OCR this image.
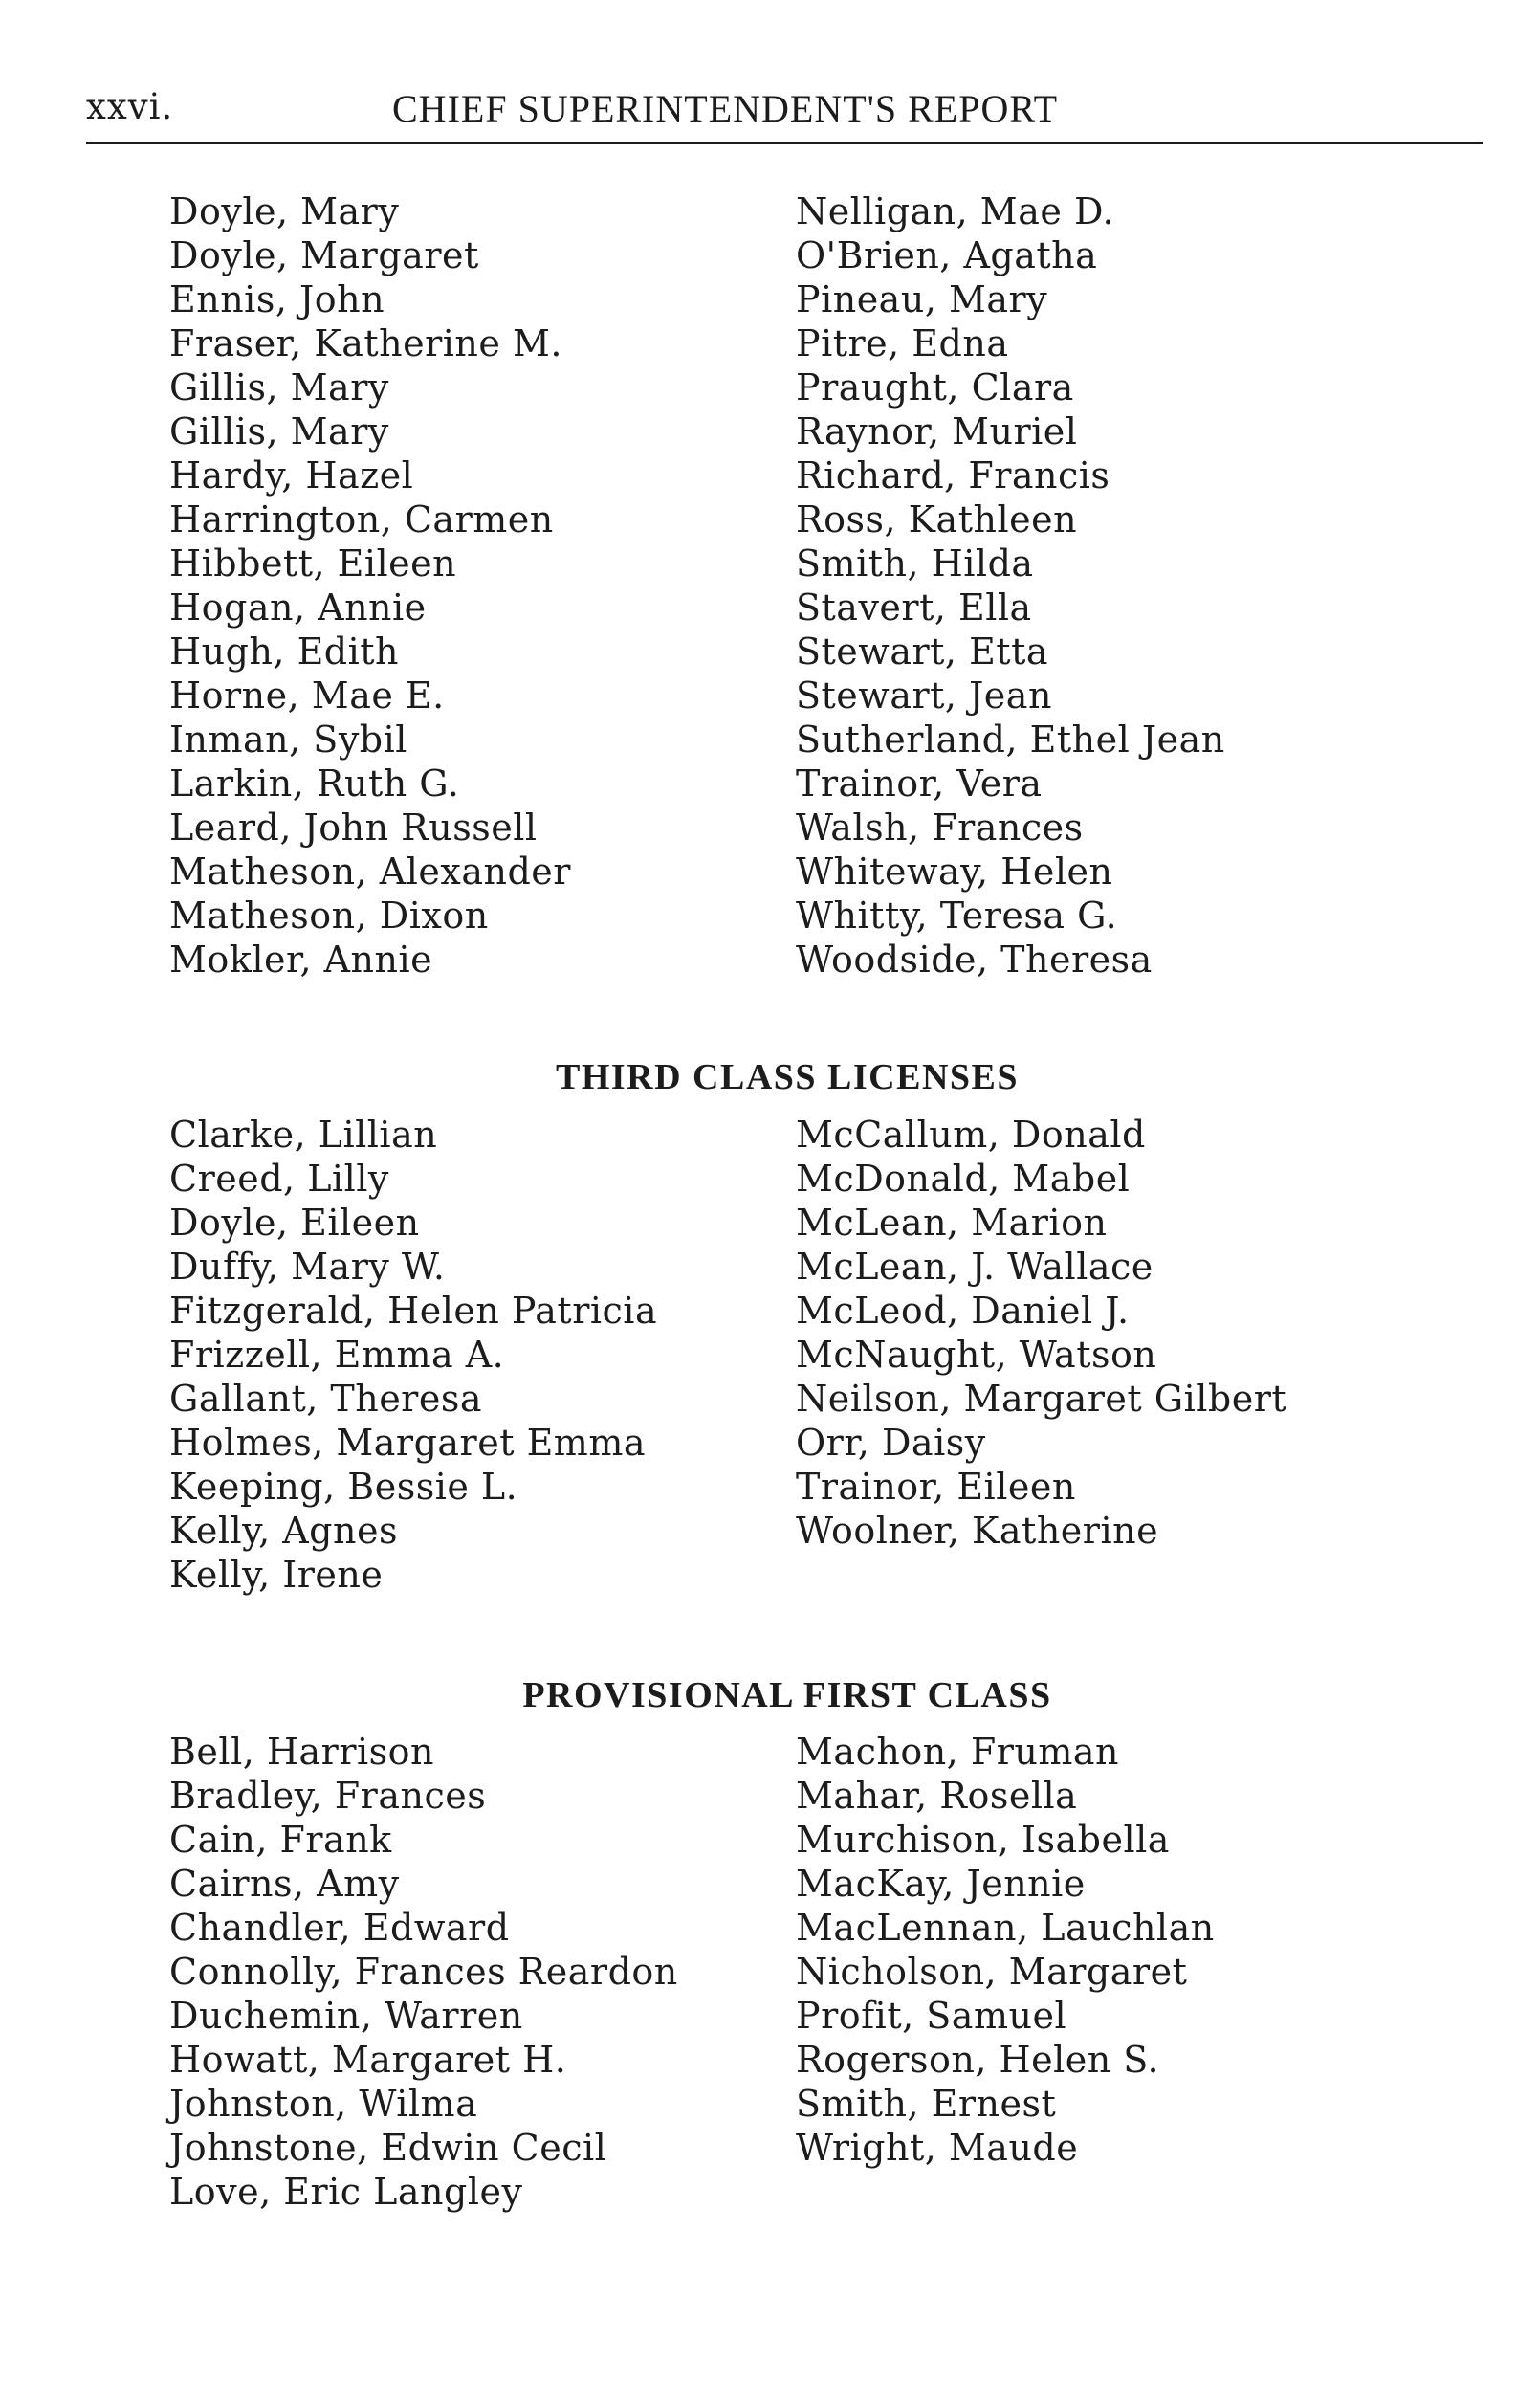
xxvi.	CHIEF SUPERINTENDENT'S REPORT
Doyle, Mary
Doyle, Margaret
Ennis, John
Fraser, Katherine M.
Gillis, Mary
Gillis, Mary
Hardy, Hazel
Harrington, Carmen
Hibbett, Eileen
Hogan, Annie
Hugh, Edith
Horne, Mae E.
Inman, Sybil
Larkin, Ruth G.
Leard, John Russell
Matheson, Alexander
Matheson, Dixon
Mokler, Annie
Nelligan, Mae D.
O'Brien, Agatha
Pineau, Mary
Pitre, Edna
Praught, Clara
Raynor, Muriel
Richard, Francis
Ross, Kathleen
Smith, Hilda
Stavert, Ella
Stewart, Etta
Stewart, Jean
Sutherland, Ethel Jean
Trainor, Vera
Walsh, Frances
Whiteway, Helen
Whitty, Teresa G.
Woodside, Theresa
THIRD CLASS LICENSES
Clarke, Lillian
Creed, Lilly
Doyle, Eileen
Duffy, Mary W.
Fitzgerald, Helen Patricia
Frizzell, Emma A.
Gallant, Theresa
Holmes, Margaret Emma
Keeping, Bessie L.
Kelly, Agnes
Kelly, Irene
McCallum, Donald
McDonald, Mabel
McLean, Marion
McLean, J. Wallace
McLeod, Daniel J.
McNaught, Watson
Neilson, Margaret Gilbert
Orr, Daisy
Trainor, Eileen
Woolner, Katherine
PROVISIONAL FIRST CLASS
Bell, Harrison
Bradley, Frances
Cain, Frank
Cairns, Amy
Chandler, Edward
Connolly, Frances Reardon
Duchemin, Warren
Howatt, Margaret H.
Johnston, Wilma
Johnstone, Edwin Cecil
Love, Eric Langley
Machon, Fruman
Mahar, Rosella
Murchison, Isabella
MacKay, Jennie
MacLennan, Lauchlan
Nicholson, Margaret
Profit, Samuel
Rogerson, Helen S.
Smith, Ernest
Wright, Maude
